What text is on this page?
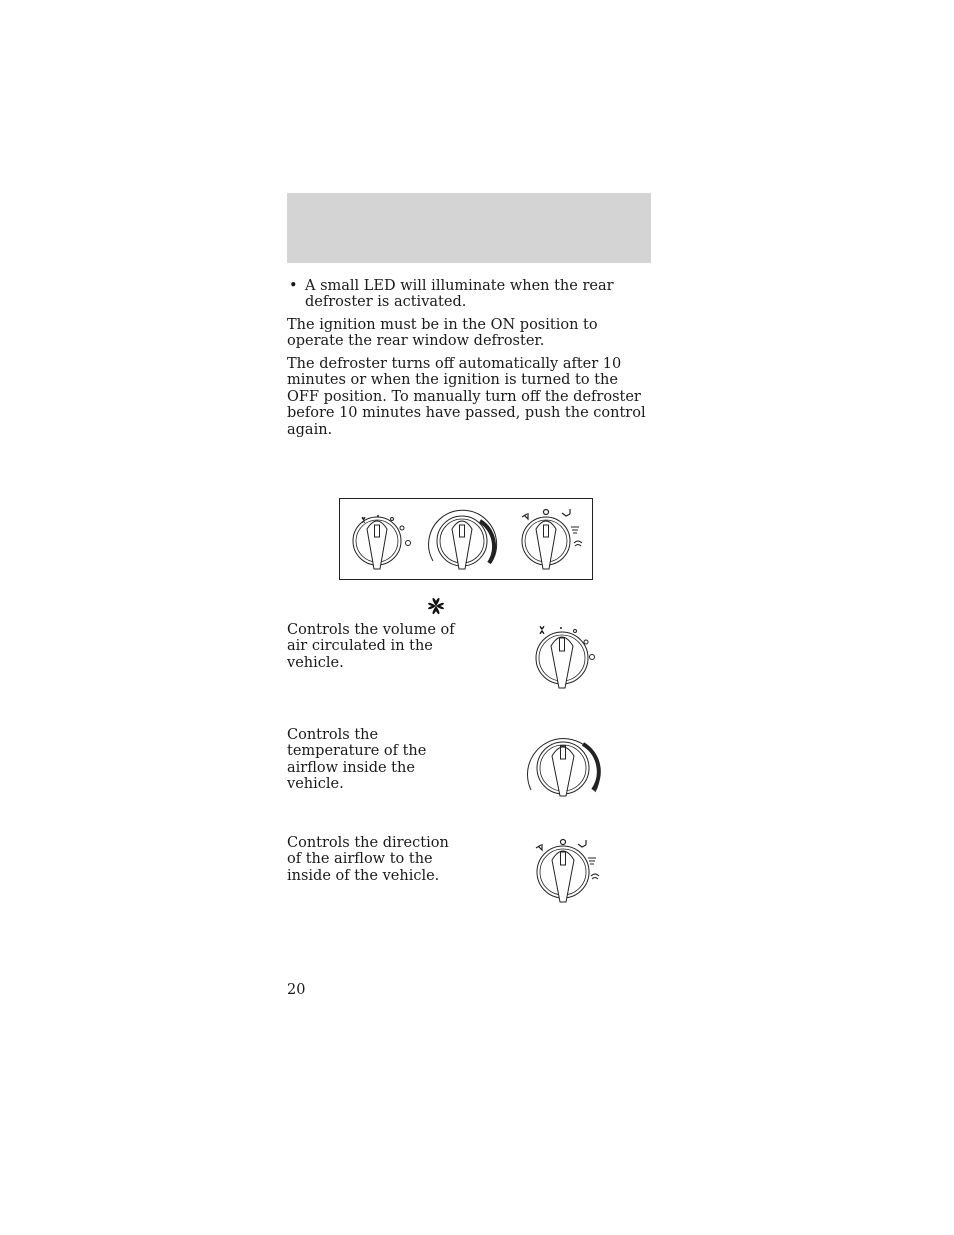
• A small LED will illuminate when the rear defroster is activated.
The ignition must be in the ON position to operate the rear window defroster.
The defroster turns off automatically after 10 minutes or when the ignition is turned to the OFF position. To manually turn off the defroster before 10 minutes have passed, push the control again.
Controls the volume of air circulated in the vehicle.
Controls the temperature of the airflow inside the vehicle.
Controls the direction of the airflow to the inside of the vehicle.
20
